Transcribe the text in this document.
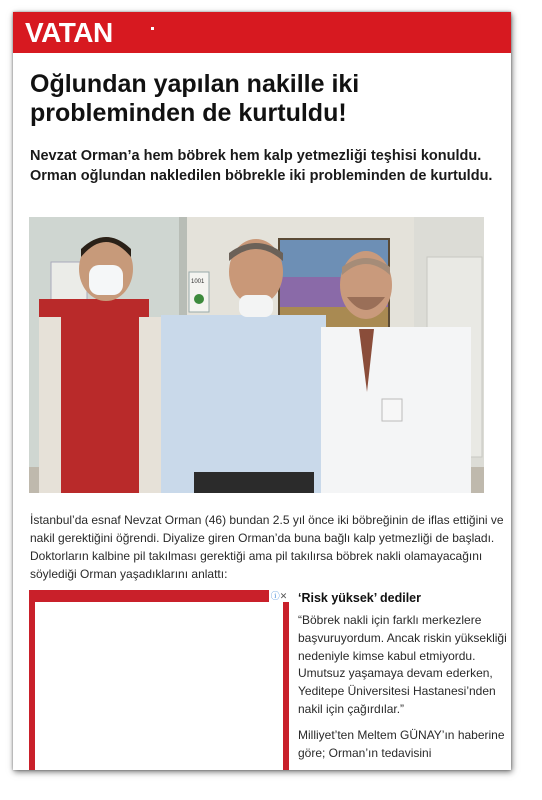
VATAN
Oğlundan yapılan nakille iki probleminden de kurtuldu!

Nevzat Orman’a hem böbrek hem kalp yetmezliği teşhisi konuldu. Orman oğlundan nakledilen böbrekle iki probleminden de kurtuldu.

1001

İstanbul’da esnaf Nevzat Orman (46) bundan 2.5 yıl önce iki böbreğinin de iflas ettiğini ve nakil gerektiğini öğrendi. Diyalize giren Orman’da buna bağlı kalp yetmezliği de başladı. Doktorların kalbine pil takılması gerektiği ama pil takılırsa böbrek nakli olamayacağını söylediği Orman yaşadıklarını anlattı:

ⓘ✕ ‘Risk yüksek’ dediler

“Böbrek nakli için farklı merkezlere başvuruyordum. Ancak riskin yüksekliği nedeniyle kimse kabul etmiyordu. Umutsuz yaşamaya devam ederken, Yeditepe Üniversitesi Hastanesi’nden nakil için çağırdılar.”

Milliyet’ten Meltem GÜNAY’ın haberine göre; Orman’ın tedavisini
